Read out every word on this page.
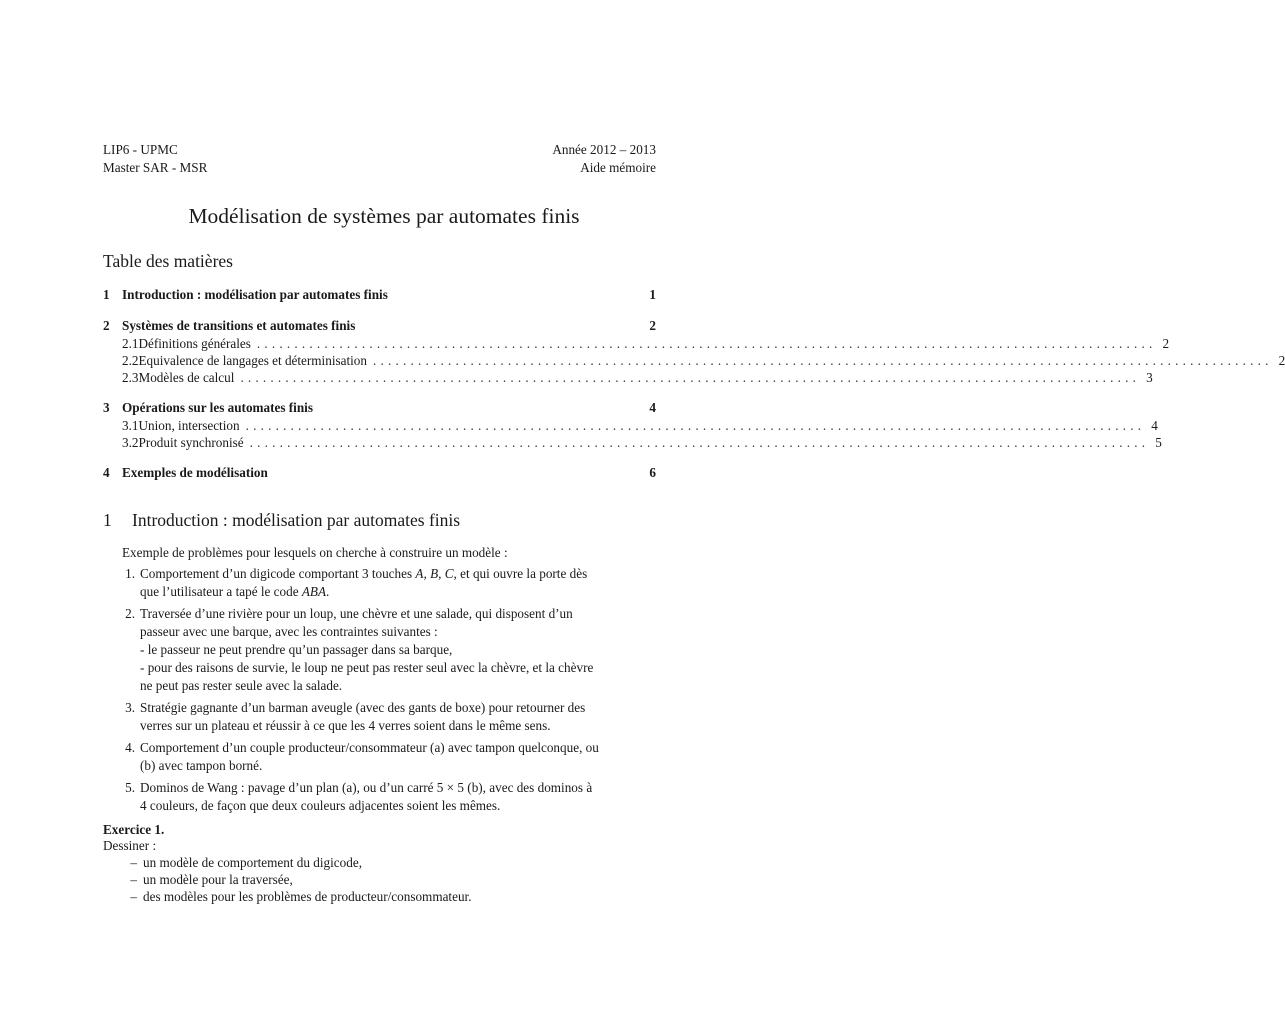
LIP6 - UPMC
Master SAR - MSR
Année 2012 – 2013
Aide mémoire
Modélisation de systèmes par automates finis
Table des matières
1 Introduction : modélisation par automates finis	1
2 Systèmes de transitions et automates finis	2
2.1 Définitions générales ........................................................................................................................ 2
2.2 Equivalence de langages et déterminisation ........................................................................................................................ 2
2.3 Modèles de calcul ........................................................................................................................ 3
3 Opérations sur les automates finis	4
3.1 Union, intersection ........................................................................................................................ 4
3.2 Produit synchronisé ........................................................................................................................ 5
4 Exemples de modélisation	6
1 Introduction : modélisation par automates finis
Exemple de problèmes pour lesquels on cherche à construire un modèle :
1. Comportement d’un digicode comportant 3 touches A, B, C, et qui ouvre la porte dès
que l’utilisateur a tapé le code ABA.
2. Traversée d’une rivière pour un loup, une chèvre et une salade, qui disposent d’un
passeur avec une barque, avec les contraintes suivantes :
- le passeur ne peut prendre qu’un passager dans sa barque,
- pour des raisons de survie, le loup ne peut pas rester seul avec la chèvre, et la chèvre
ne peut pas rester seule avec la salade.
3. Stratégie gagnante d’un barman aveugle (avec des gants de boxe) pour retourner des
verres sur un plateau et réussir à ce que les 4 verres soient dans le même sens.
4. Comportement d’un couple producteur/consommateur (a) avec tampon quelconque, ou
(b) avec tampon borné.
5. Dominos de Wang : pavage d’un plan (a), ou d’un carré 5 × 5 (b), avec des dominos à
4 couleurs, de façon que deux couleurs adjacentes soient les mêmes.
Exercice 1.
Dessiner :
– un modèle de comportement du digicode,
– un modèle pour la traversée,
– des modèles pour les problèmes de producteur/consommateur.
